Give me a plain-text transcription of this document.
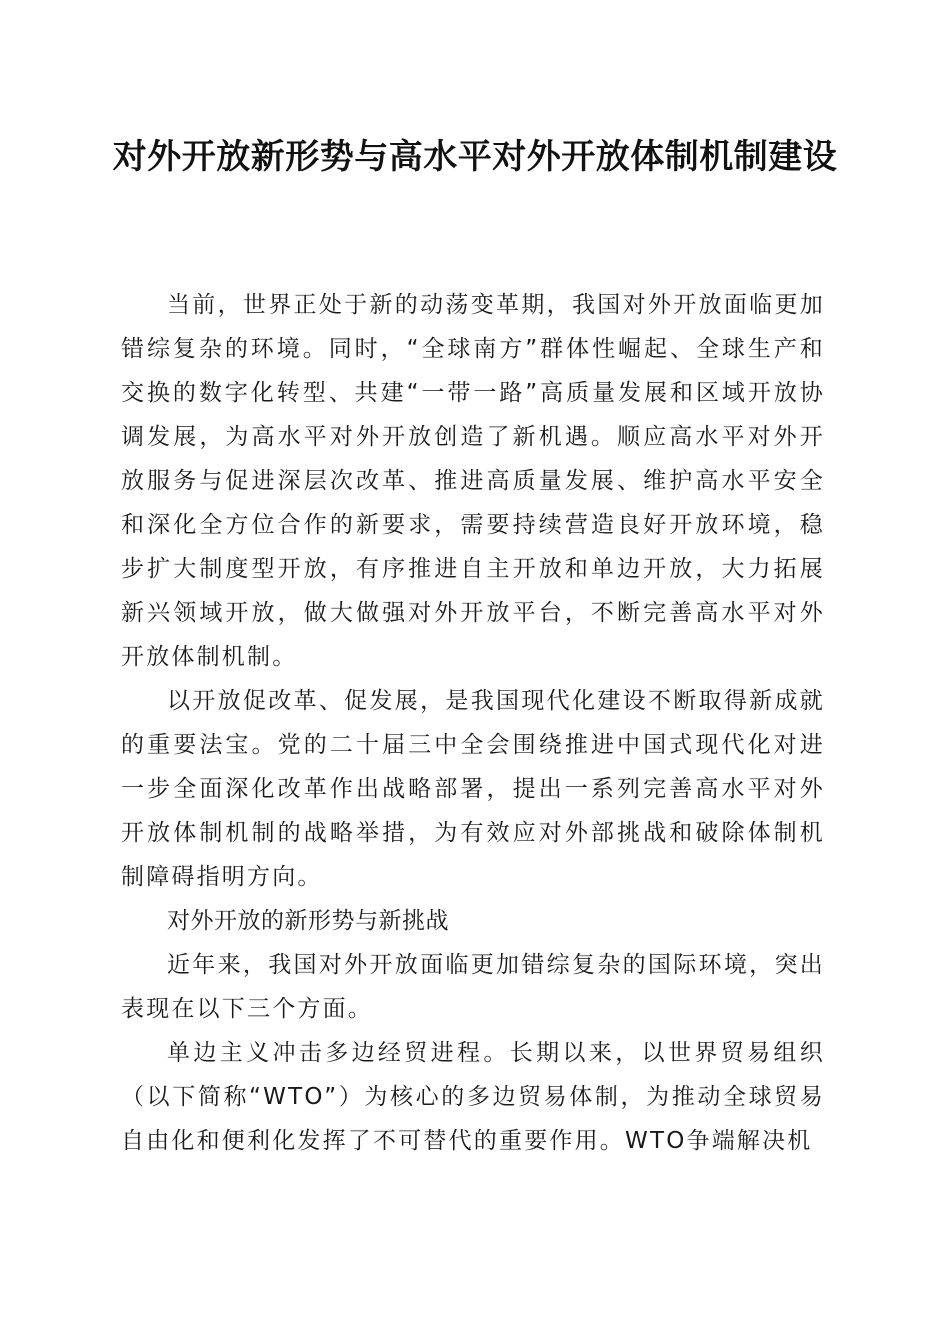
对外开放新形势与高水平对外开放体制机制建设

当前，世界正处于新的动荡变革期，我国对外开放面临更加错综复杂的环境。同时，“全球南方”群体性崛起、全球生产和交换的数字化转型、共建“一带一路”高质量发展和区域开放协调发展，为高水平对外开放创造了新机遇。顺应高水平对外开放服务与促进深层次改革、推进高质量发展、维护高水平安全和深化全方位合作的新要求，需要持续营造良好开放环境，稳步扩大制度型开放，有序推进自主开放和单边开放，大力拓展新兴领域开放，做大做强对外开放平台，不断完善高水平对外开放体制机制。

以开放促改革、促发展，是我国现代化建设不断取得新成就的重要法宝。党的二十届三中全会围绕推进中国式现代化对进一步全面深化改革作出战略部署，提出一系列完善高水平对外开放体制机制的战略举措，为有效应对外部挑战和破除体制机制障碍指明方向。

对外开放的新形势与新挑战

近年来，我国对外开放面临更加错综复杂的国际环境，突出表现在以下三个方面。

单边主义冲击多边经贸进程。长期以来，以世界贸易组织（以下简称“WTO”）为核心的多边贸易体制，为推动全球贸易自由化和便利化发挥了不可替代的重要作用。WTO争端解决机
